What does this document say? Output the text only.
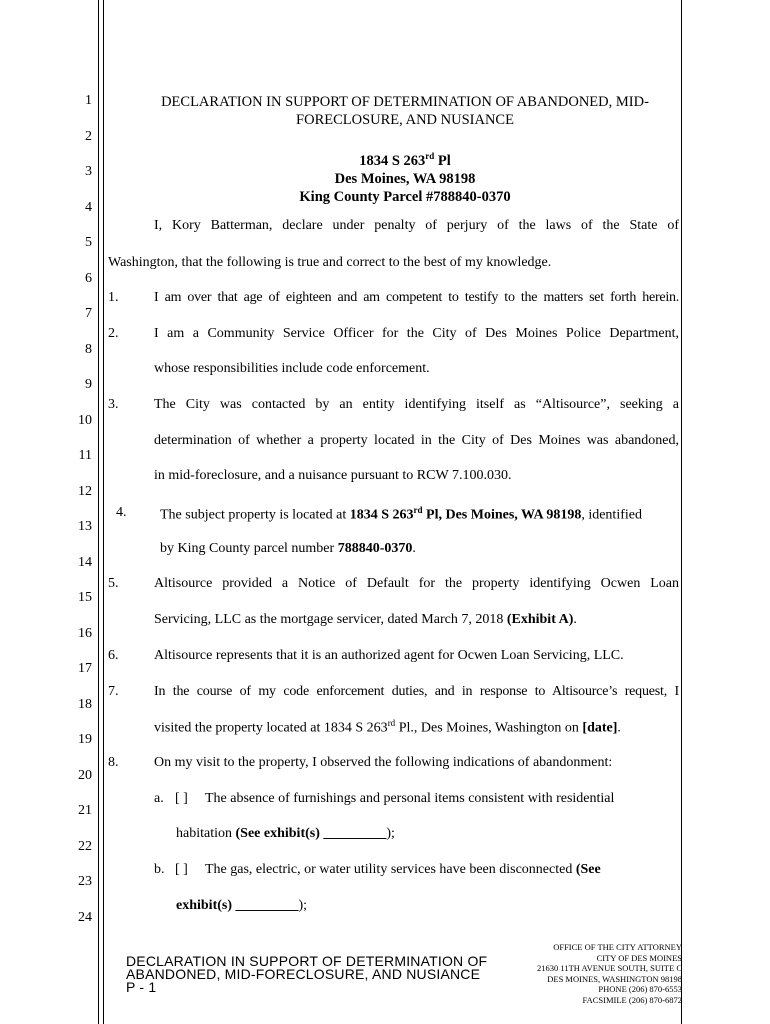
1
2
3
4
5
6
7
8
9
10
11
12
13
14
15
16
17
18
19
20
21
22
23
24
DECLARATION IN SUPPORT OF DETERMINATION OF ABANDONED, MID-
FORECLOSURE, AND NUSIANCE
1834 S 263rd Pl
Des Moines, WA 98198
King County Parcel #788840-0370
I, Kory Batterman, declare under penalty of perjury of the laws of the State of
Washington, that the following is true and correct to the best of my knowledge.
1.	I am over that age of eighteen and am competent to testify to the matters set forth herein.
2.	I am a Community Service Officer for the City of Des Moines Police Department,
whose responsibilities include code enforcement.
3.	The City was contacted by an entity identifying itself as “Altisource”, seeking a
determination of whether a property located in the City of Des Moines was abandoned,
in mid-foreclosure, and a nuisance pursuant to RCW 7.100.030.
4. The subject property is located at 1834 S 263rd Pl, Des Moines, WA 98198, identified
by King County parcel number 788840-0370.
5.	Altisource provided a Notice of Default for the property identifying Ocwen Loan
Servicing, LLC as the mortgage servicer, dated March 7, 2018 (Exhibit A).
6.	Altisource represents that it is an authorized agent for Ocwen Loan Servicing, LLC.
7.	In the course of my code enforcement duties, and in response to Altisource’s request, I
visited the property located at 1834 S 263rd Pl., Des Moines, Washington on [date].
8.	On my visit to the property, I observed the following indications of abandonment:
a. [ ] The absence of furnishings and personal items consistent with residential
habitation (See exhibit(s) _________);
b. [ ] The gas, electric, or water utility services have been disconnected (See
exhibit(s) _________);
DECLARATION IN SUPPORT OF DETERMINATION OF
ABANDONED, MID-FORECLOSURE, AND NUSIANCE
P - 1
OFFICE OF THE CITY ATTORNEY
CITY OF DES MOINES
21630 11TH AVENUE SOUTH, SUITE C
DES MOINES, WASHINGTON 98198
PHONE (206) 870-6553
FACSIMILE (206) 870-6872
